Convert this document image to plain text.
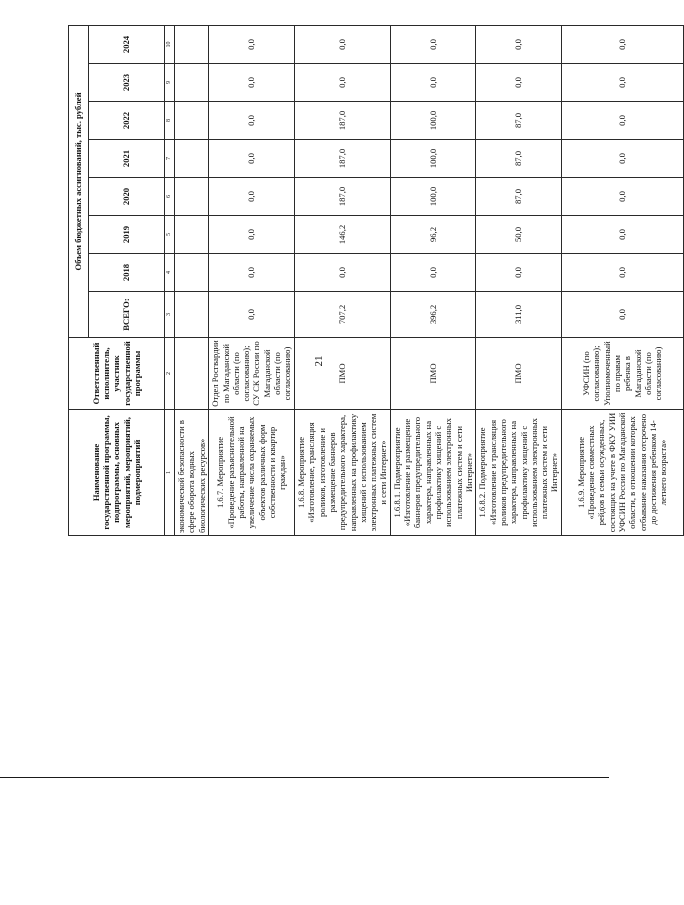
21
Наименование государственной программы, подпрограммы, основных мероприятий, мероприятий, подмероприятий	Ответственный исполнитель, участник государственной программы	Объем бюджетных ассигнований, тыс. рублей							
		ВСЕГО:	2018	2019	2020	2021	2022	2023	2024
1	2	3	4	5	6	7	8	9	10
экономической безопасности в сфере оборота водных биологических ресурсов»									
1.6.7. Мероприятие «Проведение разъяснительной работы, направленной на увеличение числа охраняемых объектов различных форм собственности и квартир граждан»	Отдел Росгвардии по Магаданской области (по согласованию); СУ СК России по Магаданской области (по согласованию)	0,0	0,0	0,0	0,0	0,0	0,0	0,0	0,0
1.6.8. Мероприятие «Изготовление, трансляция роликов, изготовление и размещение баннеров предупредительного характера, направленных на профилактику хищений с использованием электронных платежных систем и сети Интернет»	ПМО	707,2	0,0	146,2	187,0	187,0	187,0	0,0	0,0
1.6.8.1. Подмероприятие «Изготовление и размещение баннеров предупредительного характера, направленных на профилактику хищений с использованием электронных платежных систем и сети Интернет»	ПМО	396,2	0,0	96,2	100,0	100,0	100,0	0,0	0,0
1.6.8.2. Подмероприятие «Изготовление и трансляция роликов предупредительного характера, направленных на профилактику хищений с использованием электронных платежных систем и сети Интернет»	ПМО	311,0	0,0	50,0	87,0	87,0	87,0	0,0	0,0
1.6.9. Мероприятие «Проведение совместных рейдов в семьи осужденных, состоящих на учете в ФКУ УИИ УФСИН России по Магаданской области, в отношении которых отбывание наказания отсрочено до достижения ребенком 14-летнего возраста»	УФСИН (по согласованию); Уполномоченный по правам ребенка в Магаданской области (по согласованию)	0,0	0,0	0,0	0,0	0,0	0,0	0,0	0,0
